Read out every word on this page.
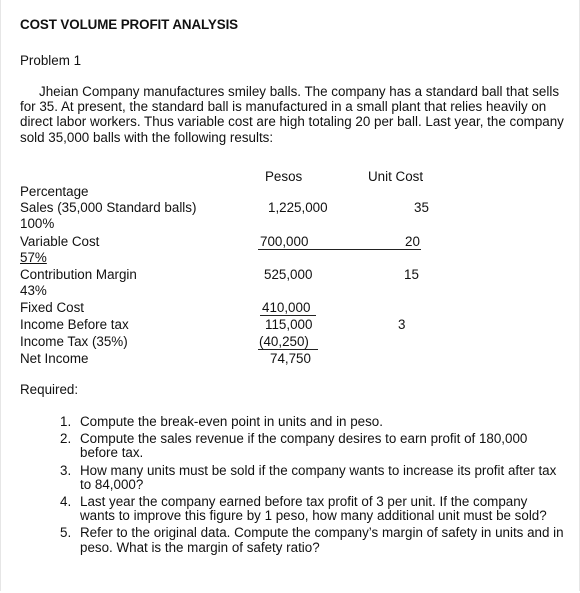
COST VOLUME PROFIT ANALYSIS
Problem 1
Jheian Company manufactures smiley balls. The company has a standard ball that sells for 35. At present, the standard ball is manufactured in a small plant that relies heavily on direct labor workers. Thus variable cost are high totaling 20 per ball. Last year, the company sold 35,000 balls with the following results:
Pesos	Unit Cost
Percentage
Sales (35,000 Standard balls)
100%
Variable Cost
57%
Contribution Margin
43%
Fixed Cost
Income Before tax
Income Tax (35%)
Net Income
1,225,000
700,000
525,000
410,000
115,000
(40,250)
74,750
35
20
15
3
Required:
1. Compute the break-even point in units and in peso.
2. Compute the sales revenue if the company desires to earn profit of 180,000 before tax.
3. How many units must be sold if the company wants to increase its profit after tax to 84,000?
4. Last year the company earned before tax profit of 3 per unit. If the company wants to improve this figure by 1 peso, how many additional unit must be sold?
5. Refer to the original data. Compute the company’s margin of safety in units and in peso. What is the margin of safety ratio?
